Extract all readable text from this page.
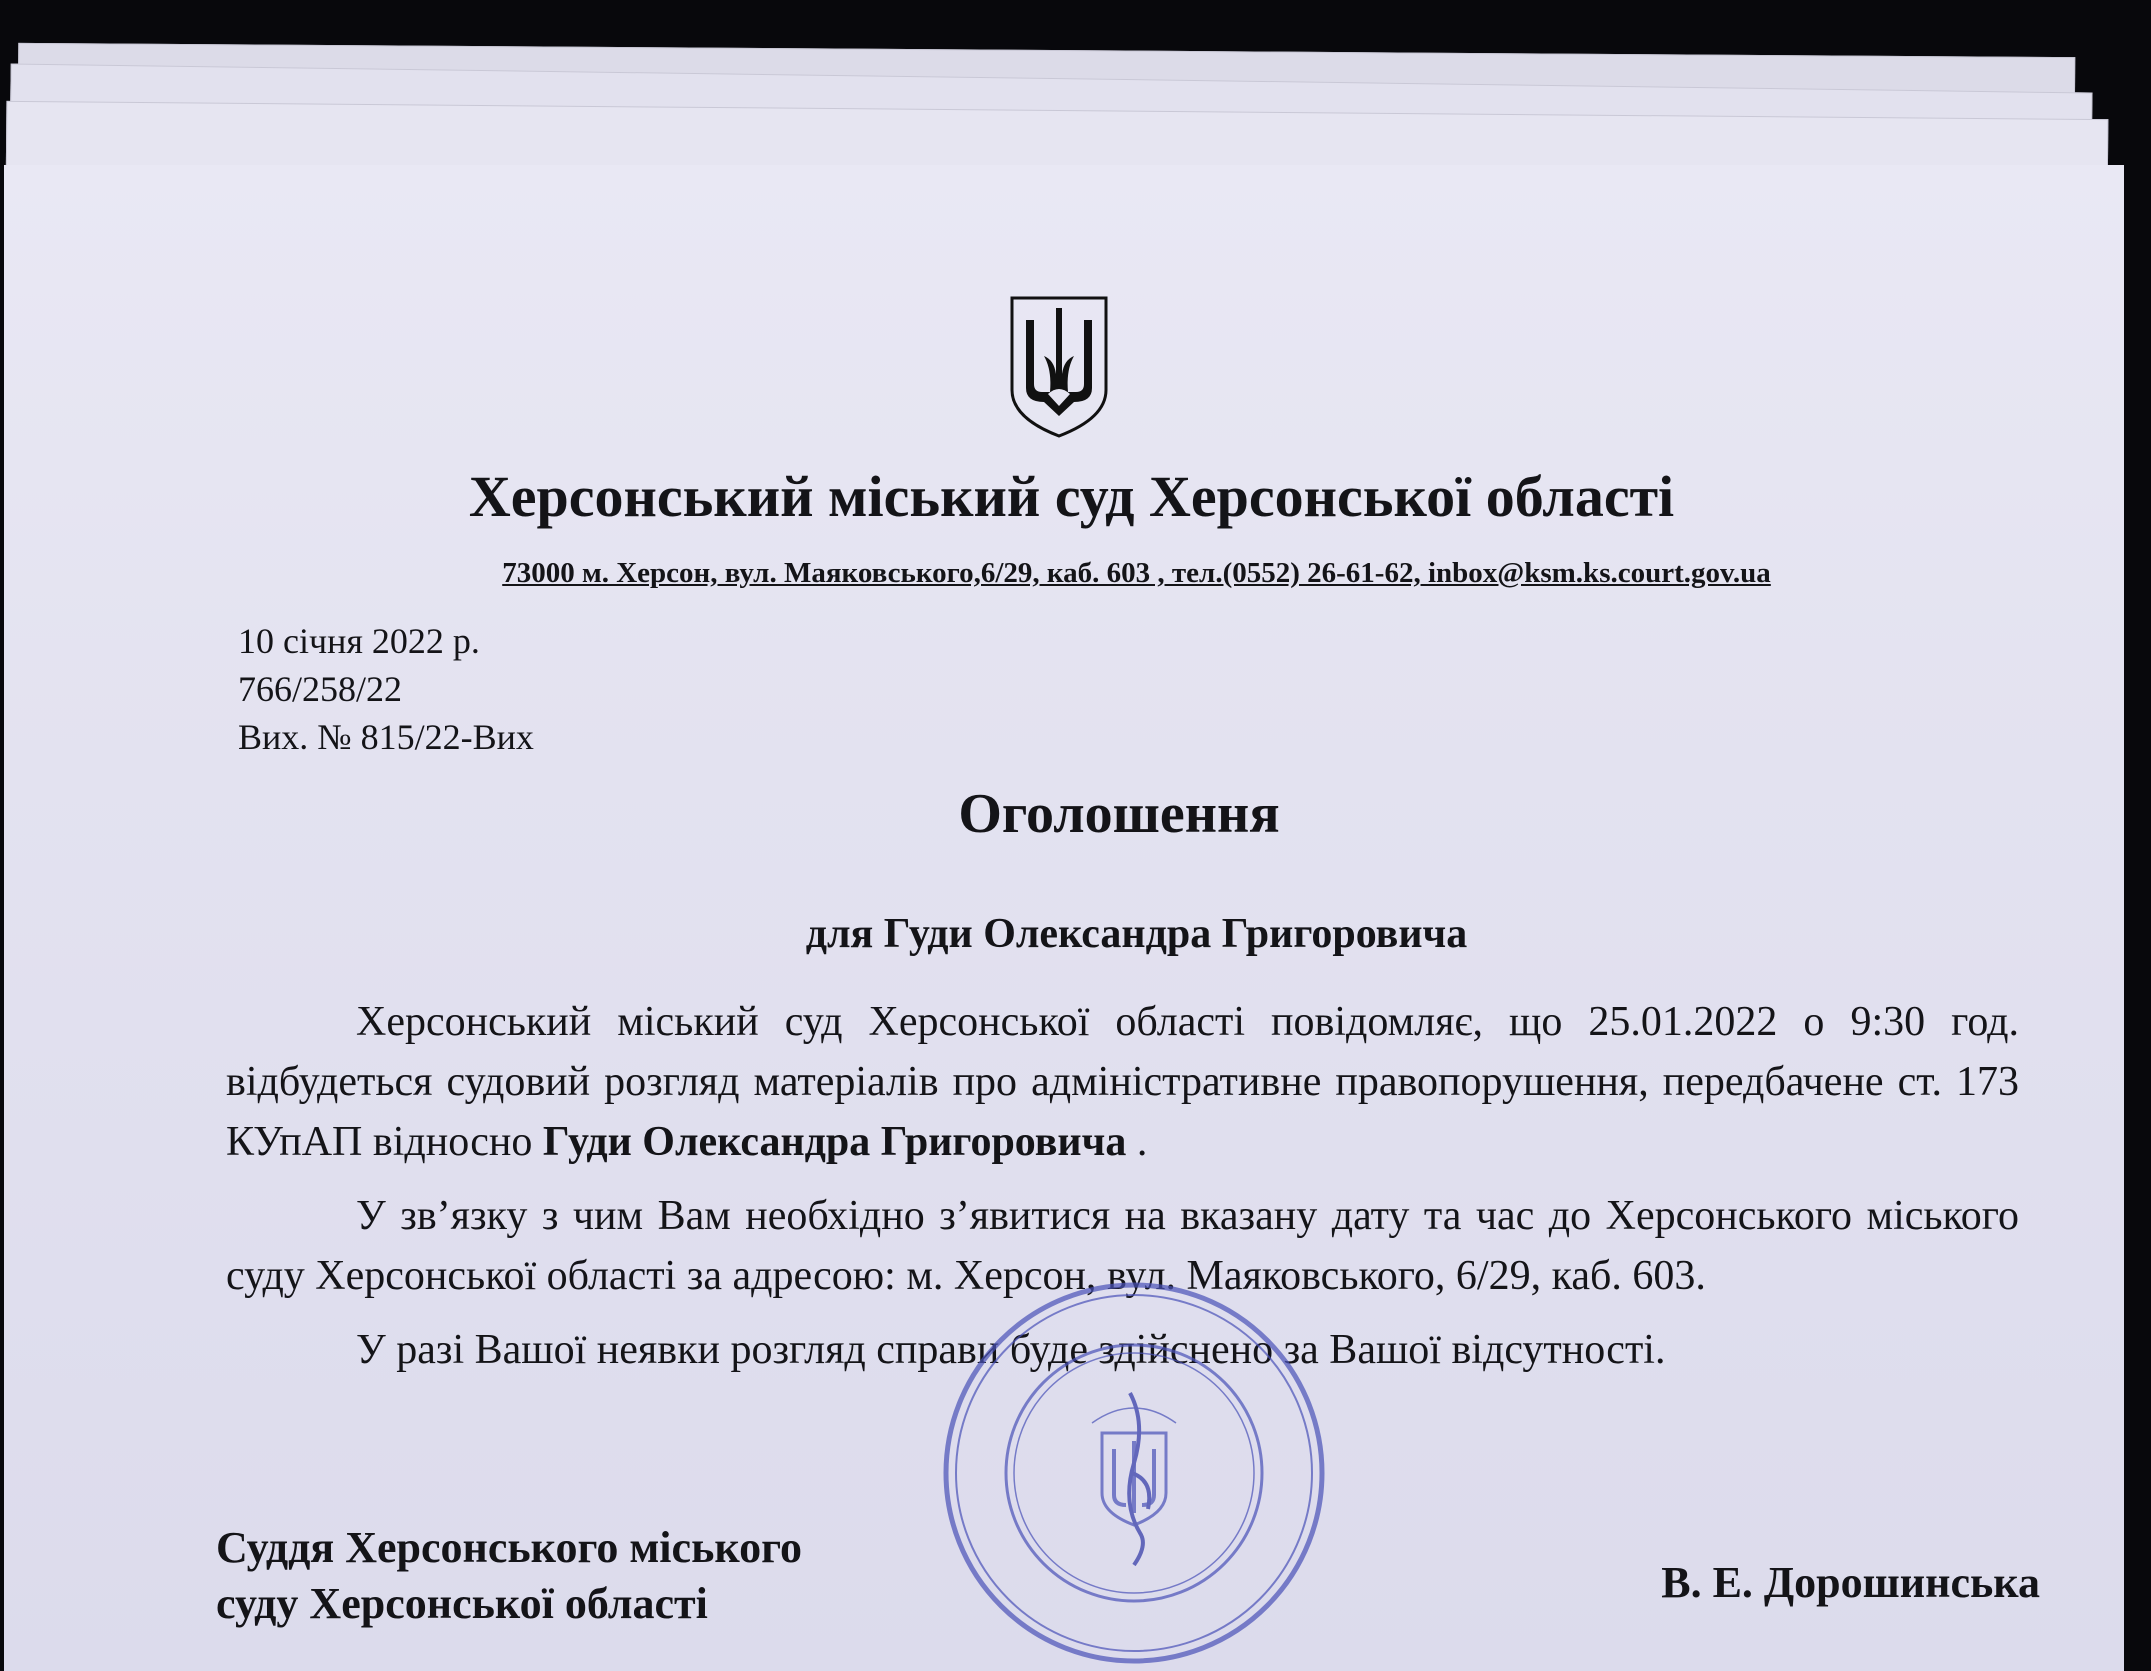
Херсонський міський суд Херсонської області
73000 м. Херсон, вул. Маяковського,6/29, каб. 603 , тел.(0552) 26-61-62, inbox@ksm.ks.court.gov.ua
10 січня 2022 р.
766/258/22
Вих. № 815/22-Вих
Оголошення
для Гуди Олександра Григоровича

Херсонський міський суд Херсонської області повідомляє, що 25.01.2022 о 9:30 год. відбудеться судовий розгляд матеріалів про адміністративне правопорушення, передбачене ст. 173 КУпАП відносно Гуди Олександра Григоровича .

У зв’язку з чим Вам необхідно з’явитися на вказану дату та час до Херсонського міського суду Херсонської області за адресою: м. Херсон, вул. Маяковського, 6/29, каб. 603.

У разі Вашої неявки розгляд справи буде здійснено за Вашої відсутності.

Суддя Херсонського міського
суду Херсонської області	В. Е. Дорошинська
